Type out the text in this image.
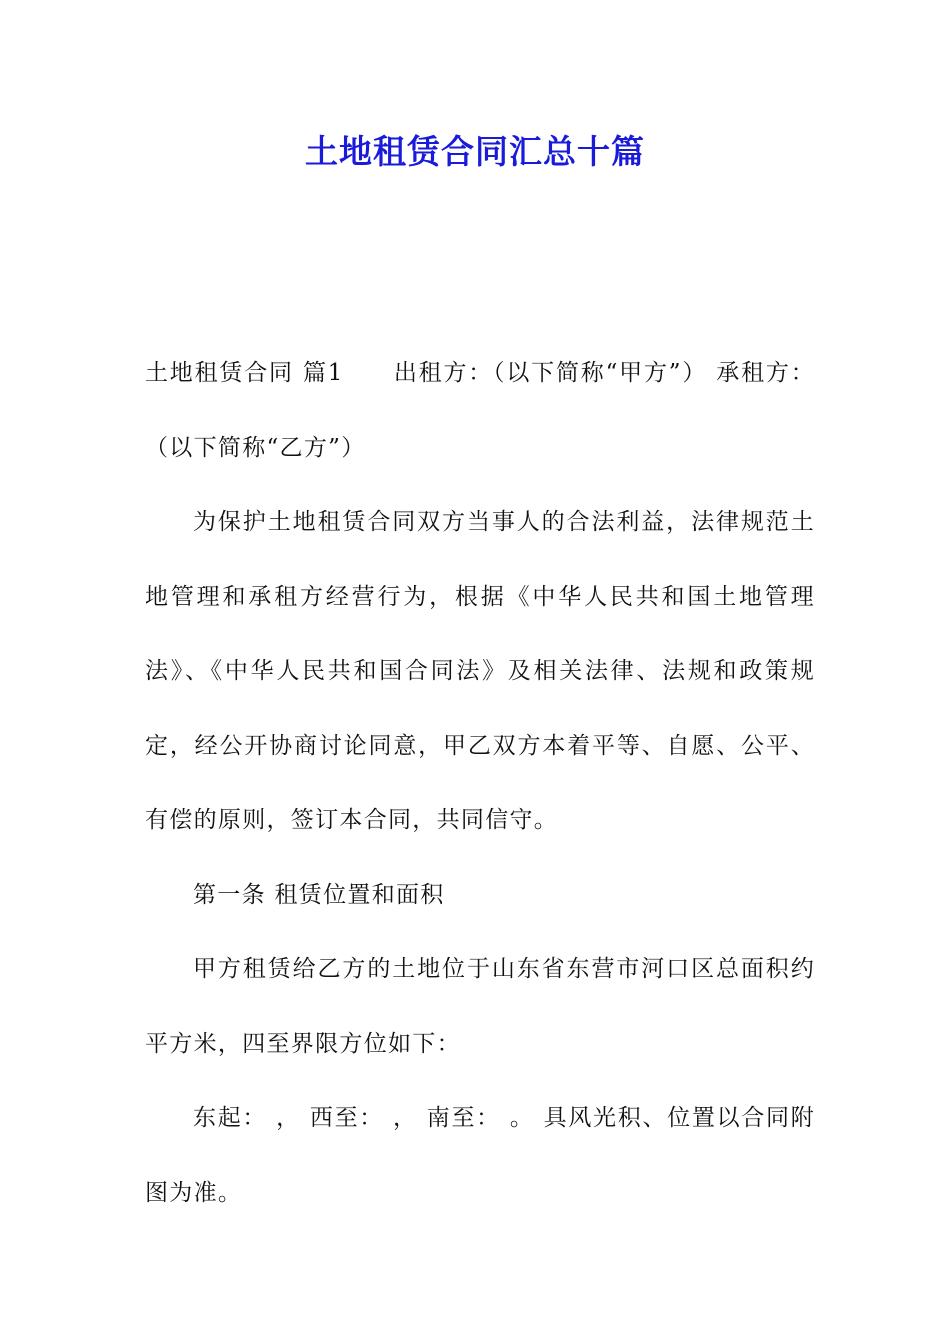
土地租赁合同汇总十篇

土地租赁合同 篇1　　出租方：（以下简称“甲方”） 承租方：（以下简称“乙方”）

为保护土地租赁合同双方当事人的合法利益，法律规范土地管理和承租方经营行为，根据《中华人民共和国土地管理法》、《中华人民共和国合同法》及相关法律、法规和政策规定，经公开协商讨论同意，甲乙双方本着平等、自愿、公平、有偿的原则，签订本合同，共同信守。

第一条 租赁位置和面积

甲方租赁给乙方的土地位于山东省东营市河口区总面积约平方米，四至界限方位如下：

东起： ， 西至： ， 南至： 。 具风光积、位置以合同附图为准。
